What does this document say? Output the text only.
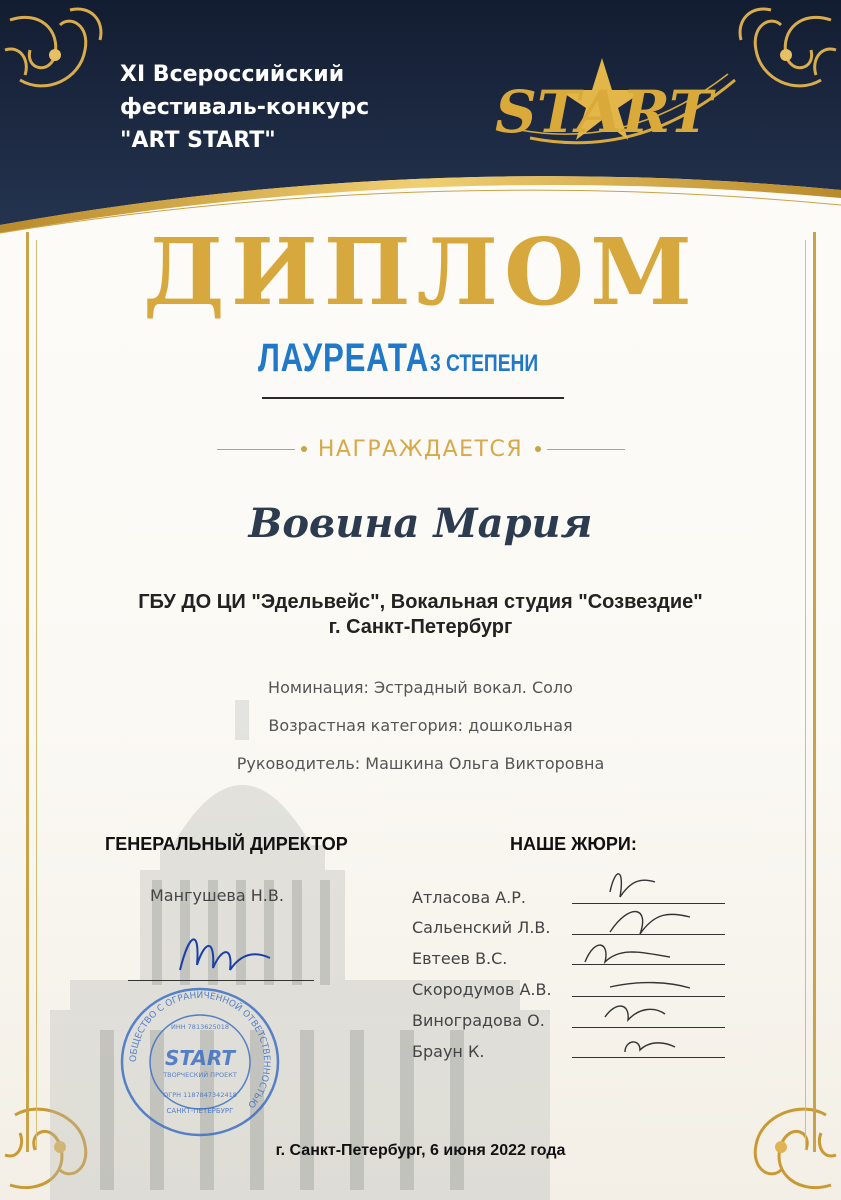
XI Всероссийский
фестиваль-конкурс
"ART START"	START
ДИПЛОМ
ЛАУРЕАТА 3 СТЕПЕНИ
НАГРАЖДАЕТСЯ
Вовина Мария
ГБУ ДО ЦИ "Эдельвейс", Вокальная студия "Созвездие"
г. Санкт-Петербург
Номинация: Эстрадный вокал. Соло
Возрастная категория: дошкольная
Руководитель: Машкина Ольга Викторовна
ГЕНЕРАЛЬНЫЙ ДИРЕКТОР
Мангушева Н.В.
ОБЩЕСТВО С ОГРАНИЧЕННОЙ ОТВЕТСТВЕННОСТЬЮ
ИНН 7813625018
START
ТВОРЧЕСКИЙ ПРОЕКТ
ОГРН 1187847342418
САНКТ-ПЕТЕРБУРГ
НАШЕ ЖЮРИ:
Атласова А.Р.
Сальенский Л.В.
Евтеев В.С.
Скородумов А.В.
Виноградова О.
Браун К.
г. Санкт-Петербург, 6 июня 2022 года
